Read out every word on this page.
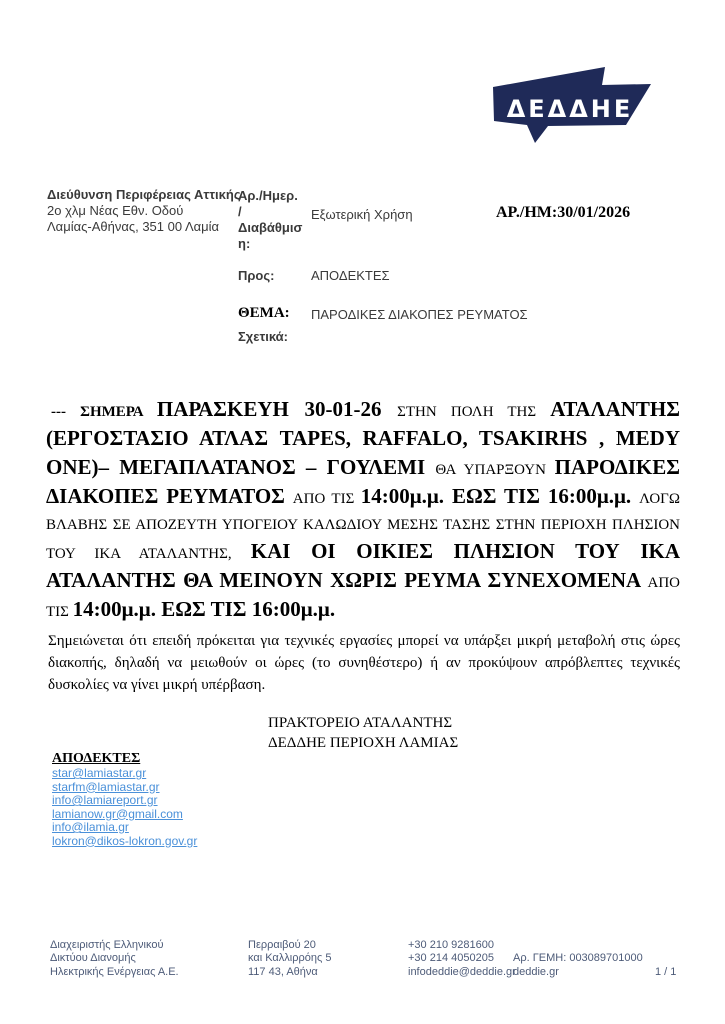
ΔΕΔΔΗΕ
Διεύθυνση Περιφέρειας Αττικής
2ο χλμ Νέας Εθν. Οδού
Λαμίας-Αθήνας, 351 00 Λαμία
Αρ./Ημερ. / Διαβάθμιση:
Εξωτερική Χρήση	ΑΡ./ΗΜ:30/01/2026
Προς:	ΑΠΟΔΕΚΤΕΣ
ΘΕΜΑ: ΠΑΡΟΔΙΚΕΣ ΔΙΑΚΟΠΕΣ ΡΕΥΜΑΤΟΣ
Σχετικά:
--- ΣΗΜΕΡΑ ΠΑΡΑΣΚΕΥΗ 30-01-26 ΣΤΗΝ ΠΟΛΗ ΤΗΣ ΑΤΑΛΑΝΤΗΣ (ΕΡΓΟΣΤΑΣΙΟ ΑΤΛΑΣ TAPES, RAFFALO, TSAKIRHS , MEDY ONE)– ΜΕΓΑΠΛΑΤΑΝΟΣ – ΓΟΥΛΕΜΙ ΘΑ ΥΠΑΡΞΟΥΝ ΠΑΡΟΔΙΚΕΣ ΔΙΑΚΟΠΕΣ ΡΕΥΜΑΤΟΣ ΑΠΟ ΤΙΣ 14:00μ.μ. ΕΩΣ ΤΙΣ 16:00μ.μ. ΛΟΓΩ ΒΛΑΒΗΣ ΣΕ ΑΠΟΖΕΥΤΗ ΥΠΟΓΕΙΟΥ ΚΑΛΩΔΙΟΥ ΜΕΣΗΣ ΤΑΣΗΣ ΣΤΗΝ ΠΕΡΙΟΧΗ ΠΛΗΣΙΟΝ ΤΟΥ ΙΚΑ ΑΤΑΛΑΝΤΗΣ, ΚΑΙ ΟΙ ΟΙΚΙΕΣ ΠΛΗΣΙΟΝ ΤΟΥ ΙΚΑ ΑΤΑΛΑΝΤΗΣ ΘΑ ΜΕΙΝΟΥΝ ΧΩΡΙΣ ΡΕΥΜΑ ΣΥΝΕΧΟΜΕΝΑ ΑΠΟ ΤΙΣ 14:00μ.μ. ΕΩΣ ΤΙΣ 16:00μ.μ.
Σημειώνεται ότι επειδή πρόκειται για τεχνικές εργασίες μπορεί να υπάρξει μικρή μεταβολή στις ώρες διακοπής, δηλαδή να μειωθούν οι ώρες (το συνηθέστερο) ή αν προκύψουν απρόβλεπτες τεχνικές δυσκολίες να γίνει μικρή υπέρβαση.
ΠΡΑΚΤΟΡΕΙΟ ΑΤΑΛΑΝΤΗΣ
ΔΕΔΔΗΕ ΠΕΡΙΟΧΗ ΛΑΜΙΑΣ
ΑΠΟΔΕΚΤΕΣ
star@lamiastar.gr
starfm@lamiastar.gr
info@lamiareport.gr
lamianow.gr@gmail.com
info@ilamia.gr
lokron@dikos-lokron.gov.gr
Διαχειριστής Ελληνικού
Δικτύου Διανομής
Ηλεκτρικής Ενέργειας Α.Ε.
Περραιβού 20
και Καλλιρρόης 5
117 43, Αθήνα
+30 210 9281600
+30 214 4050205
infodeddie@deddie.gr
Αρ. ΓΕΜΗ: 003089701000
deddie.gr	1 / 1
